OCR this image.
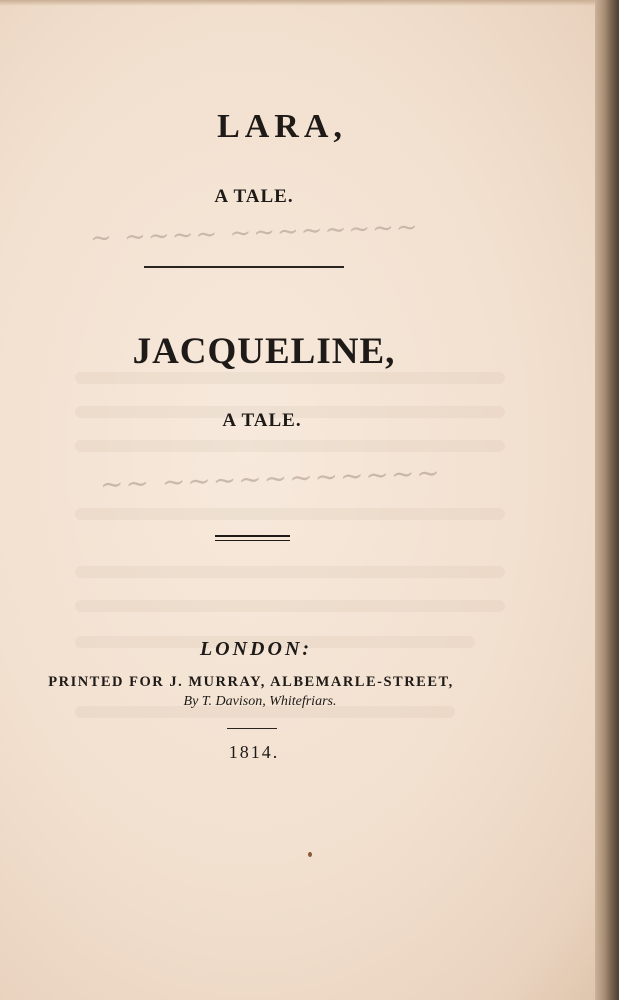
~ ~~~~ ~~~~~~~~
~~ ~~~~~~~~~~~
LARA,
A TALE.
JACQUELINE,
A TALE.
LONDON:
PRINTED FOR J. MURRAY, ALBEMARLE-STREET,
By T. Davison, Whitefriars.
1814.
